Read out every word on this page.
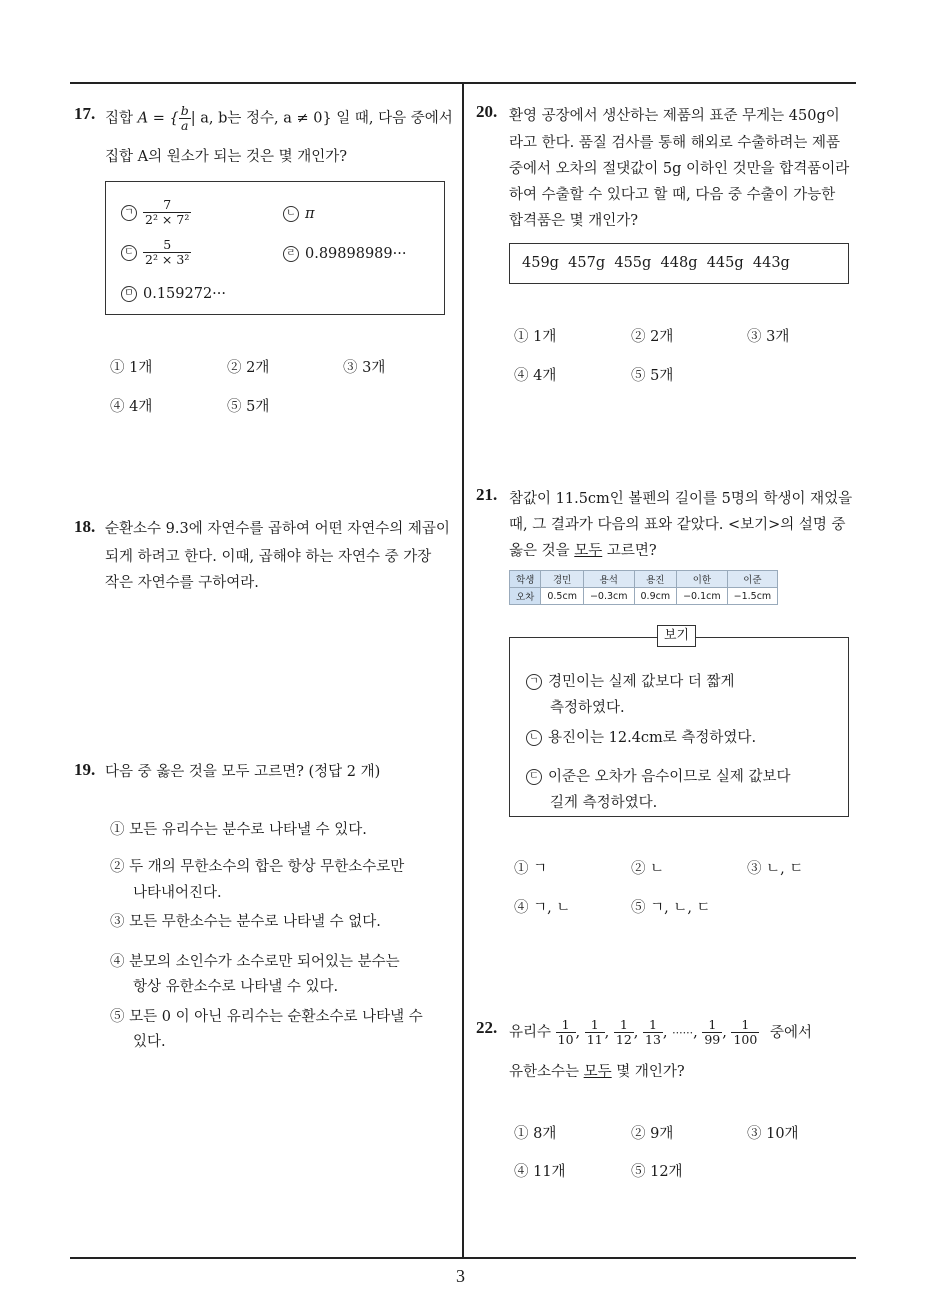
3
17. 집합 A = { $\frac{b}{a}$ | a, b는 정수, a ≠ 0} 일 때, 다음 중에서
집합 A의 원소가 되는 것은 몇 개인가?
ㄱ $\frac{7}{\text{2² × 7²}}$	ㄴ π
ㄷ $\frac{5}{\text{2² × 3²}}$	ㄹ 0.89898989···
ㅁ 0.159272···
① 1개	② 2개	③ 3개
④ 4개	⑤ 5개
18. 순환소수 9.3에 자연수를 곱하여 어떤 자연수의 제곱이
되게 하려고 한다. 이때, 곱해야 하는 자연수 중 가장
작은 자연수를 구하여라.
19. 다음 중 옳은 것을 모두 고르면? (정답 2 개)
① 모든 유리수는 분수로 나타낼 수 있다.
② 두 개의 무한소수의 합은 항상 무한소수로만
나타내어진다.
③ 모든 무한소수는 분수로 나타낼 수 없다.
④ 분모의 소인수가 소수로만 되어있는 분수는
항상 유한소수로 나타낼 수 있다.
⑤ 모든 0 이 아닌 유리수는 순환소수로 나타낼 수
있다.
20. 환영 공장에서 생산하는 제품의 표준 무게는 450g이
라고 한다. 품질 검사를 통해 해외로 수출하려는 제품
중에서 오차의 절댓값이 5g 이하인 것만을 합격품이라
하여 수출할 수 있다고 할 때, 다음 중 수출이 가능한
합격품은 몇 개인가?
459g  457g  455g  448g  445g  443g
① 1개	② 2개	③ 3개
④ 4개	⑤ 5개
21. 참값이 11.5cm인 볼펜의 길이를 5명의 학생이 재었을
때, 그 결과가 다음의 표와 같았다. <보기>의 설명 중
옳은 것을 모두 고르면?
학생	경민	용석	용진	이한	이준
오차	0.5cm	−0.3cm	0.9cm	−0.1cm	−1.5cm
보기
ㄱ 경민이는 실제 값보다 더 짧게
측정하였다.
ㄴ 용진이는 12.4cm로 측정하였다.
ㄷ 이준은 오차가 음수이므로 실제 값보다
길게 측정하였다.
① ㄱ	② ㄴ	③ ㄴ, ㄷ
④ ㄱ, ㄴ	⑤ ㄱ, ㄴ, ㄷ
22. 유리수 $\frac{1}{10}$ , $\frac{1}{11}$ , $\frac{1}{12}$ , $\frac{1}{13}$ , ······, $\frac{1}{99}$ , $\frac{1}{100}$ 중에서
유한소수는 모두 몇 개인가?
① 8개	② 9개	③ 10개
④ 11개	⑤ 12개
